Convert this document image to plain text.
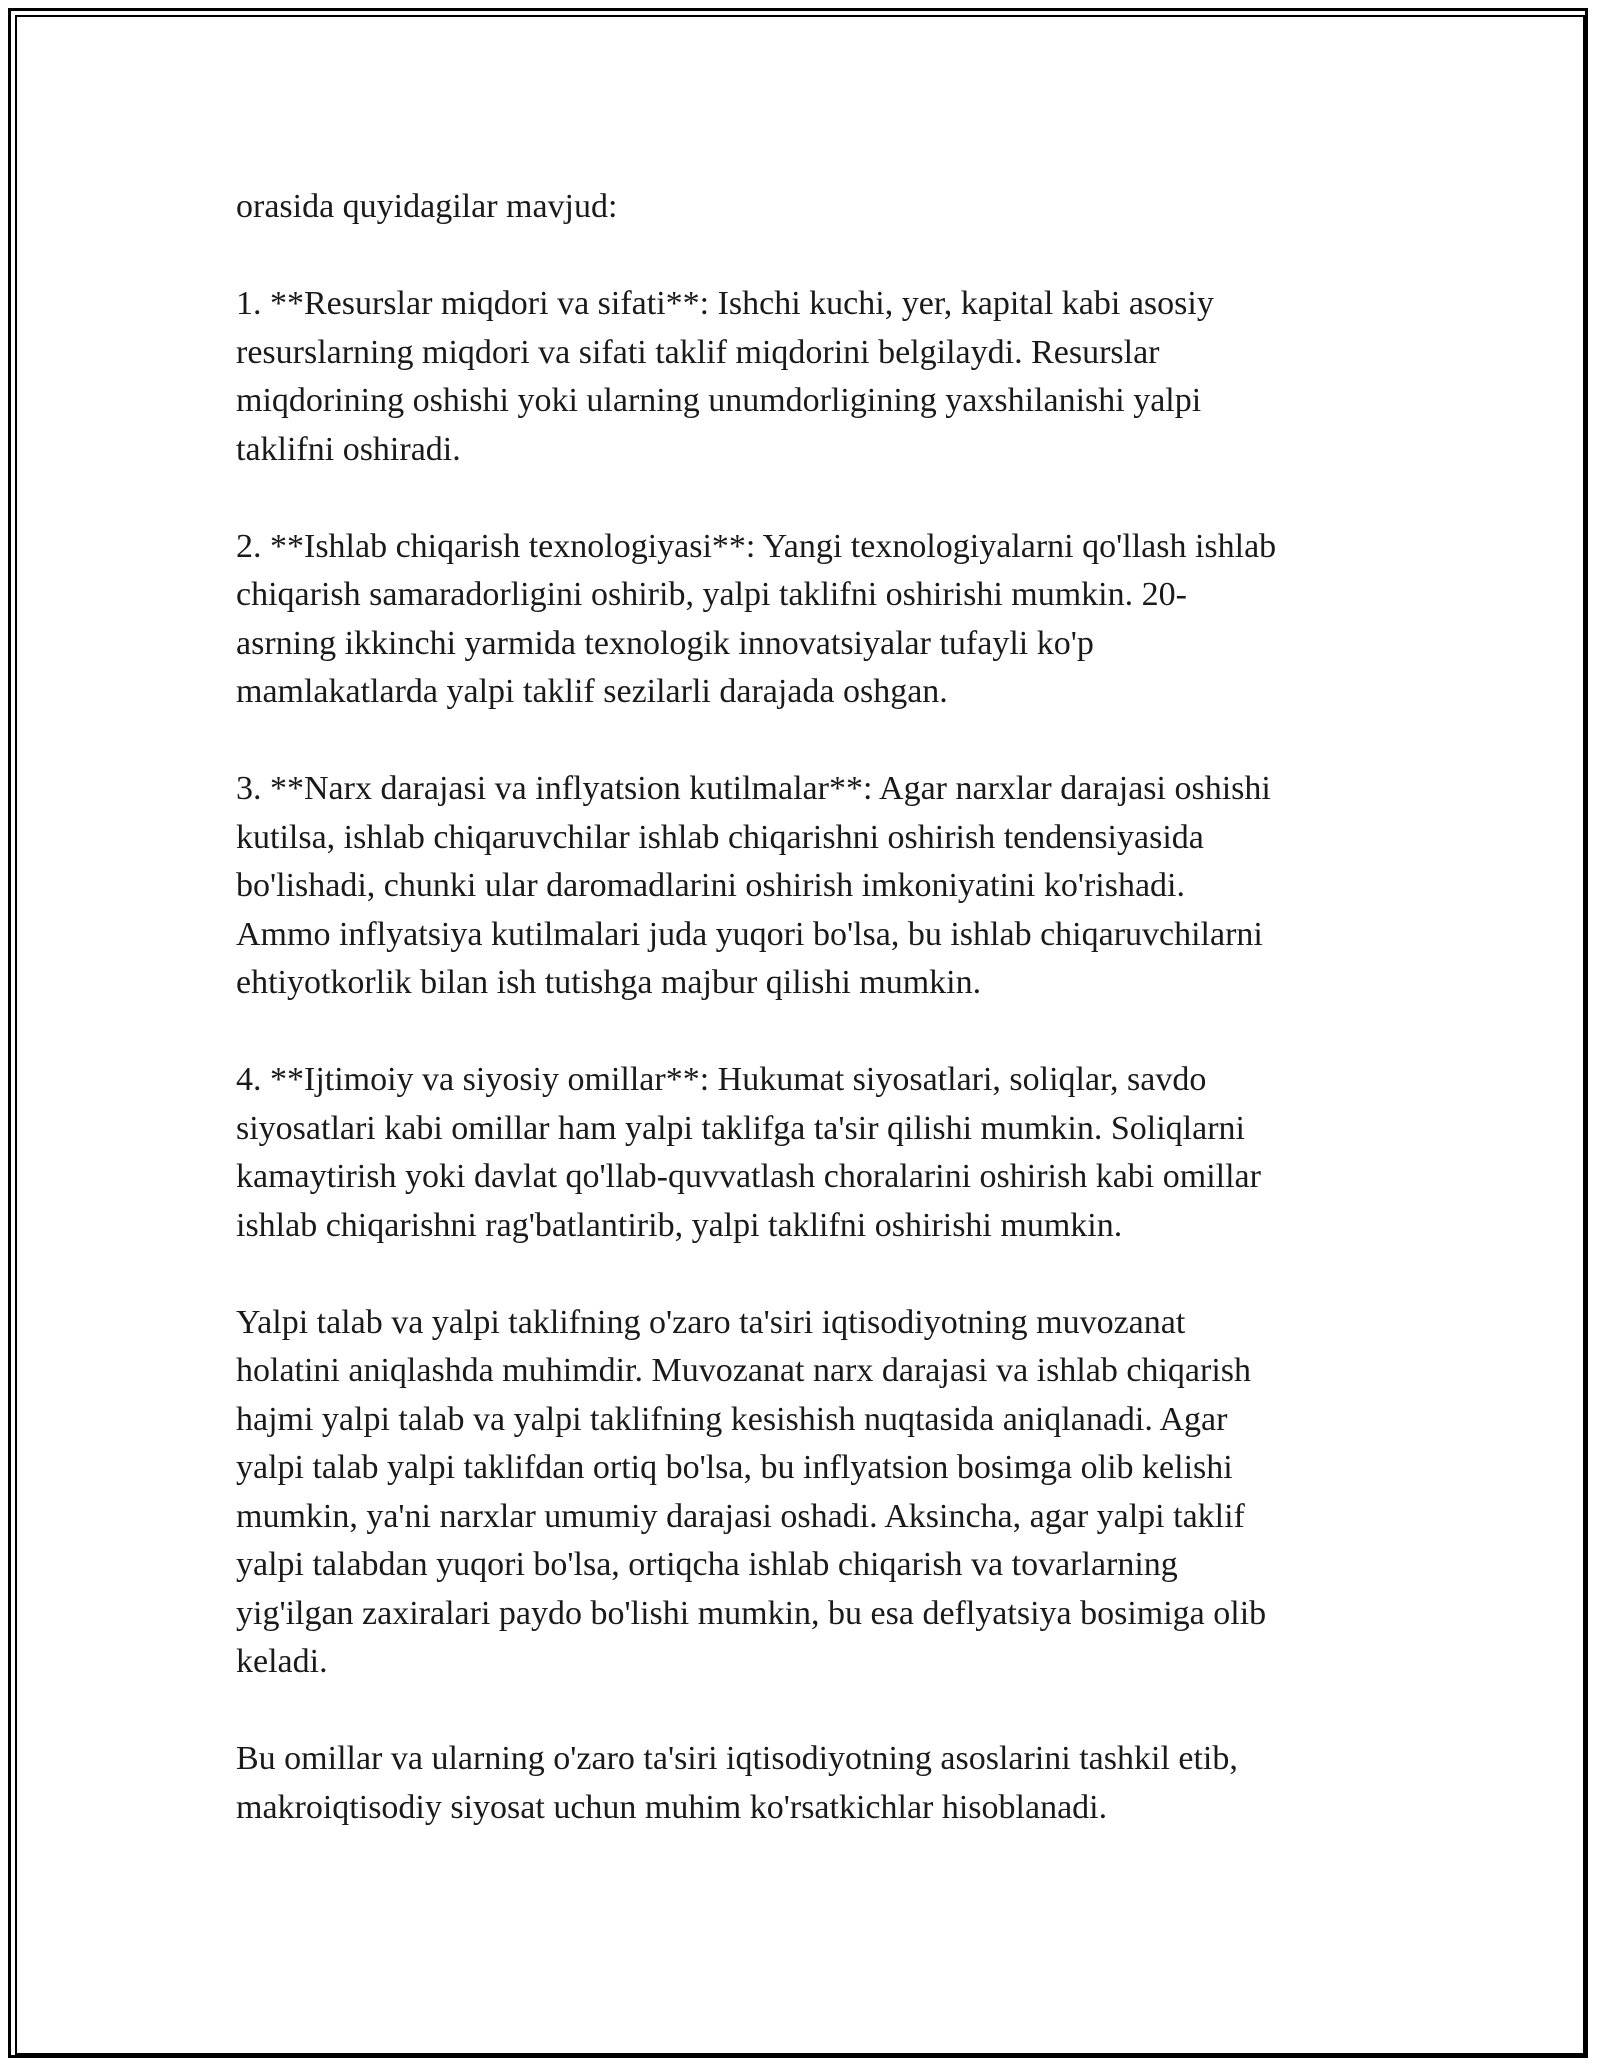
orasida quyidagilar mavjud:

1. **Resurslar miqdori va sifati**: Ishchi kuchi, yer, kapital kabi asosiy
resurslarning miqdori va sifati taklif miqdorini belgilaydi. Resurslar
miqdorining oshishi yoki ularning unumdorligining yaxshilanishi yalpi
taklifni oshiradi.

2. **Ishlab chiqarish texnologiyasi**: Yangi texnologiyalarni qo'llash ishlab
chiqarish samaradorligini oshirib, yalpi taklifni oshirishi mumkin. 20-
asrning ikkinchi yarmida texnologik innovatsiyalar tufayli ko'p
mamlakatlarda yalpi taklif sezilarli darajada oshgan.

3. **Narx darajasi va inflyatsion kutilmalar**: Agar narxlar darajasi oshishi
kutilsa, ishlab chiqaruvchilar ishlab chiqarishni oshirish tendensiyasida
bo'lishadi, chunki ular daromadlarini oshirish imkoniyatini ko'rishadi.
Ammo inflyatsiya kutilmalari juda yuqori bo'lsa, bu ishlab chiqaruvchilarni
ehtiyotkorlik bilan ish tutishga majbur qilishi mumkin.

4. **Ijtimoiy va siyosiy omillar**: Hukumat siyosatlari, soliqlar, savdo
siyosatlari kabi omillar ham yalpi taklifga ta'sir qilishi mumkin. Soliqlarni
kamaytirish yoki davlat qo'llab-quvvatlash choralarini oshirish kabi omillar
ishlab chiqarishni rag'batlantirib, yalpi taklifni oshirishi mumkin.

Yalpi talab va yalpi taklifning o'zaro ta'siri iqtisodiyotning muvozanat
holatini aniqlashda muhimdir. Muvozanat narx darajasi va ishlab chiqarish
hajmi yalpi talab va yalpi taklifning kesishish nuqtasida aniqlanadi. Agar
yalpi talab yalpi taklifdan ortiq bo'lsa, bu inflyatsion bosimga olib kelishi
mumkin, ya'ni narxlar umumiy darajasi oshadi. Aksincha, agar yalpi taklif
yalpi talabdan yuqori bo'lsa, ortiqcha ishlab chiqarish va tovarlarning
yig'ilgan zaxiralari paydo bo'lishi mumkin, bu esa deflyatsiya bosimiga olib
keladi.

Bu omillar va ularning o'zaro ta'siri iqtisodiyotning asoslarini tashkil etib,
makroiqtisodiy siyosat uchun muhim ko'rsatkichlar hisoblanadi.
